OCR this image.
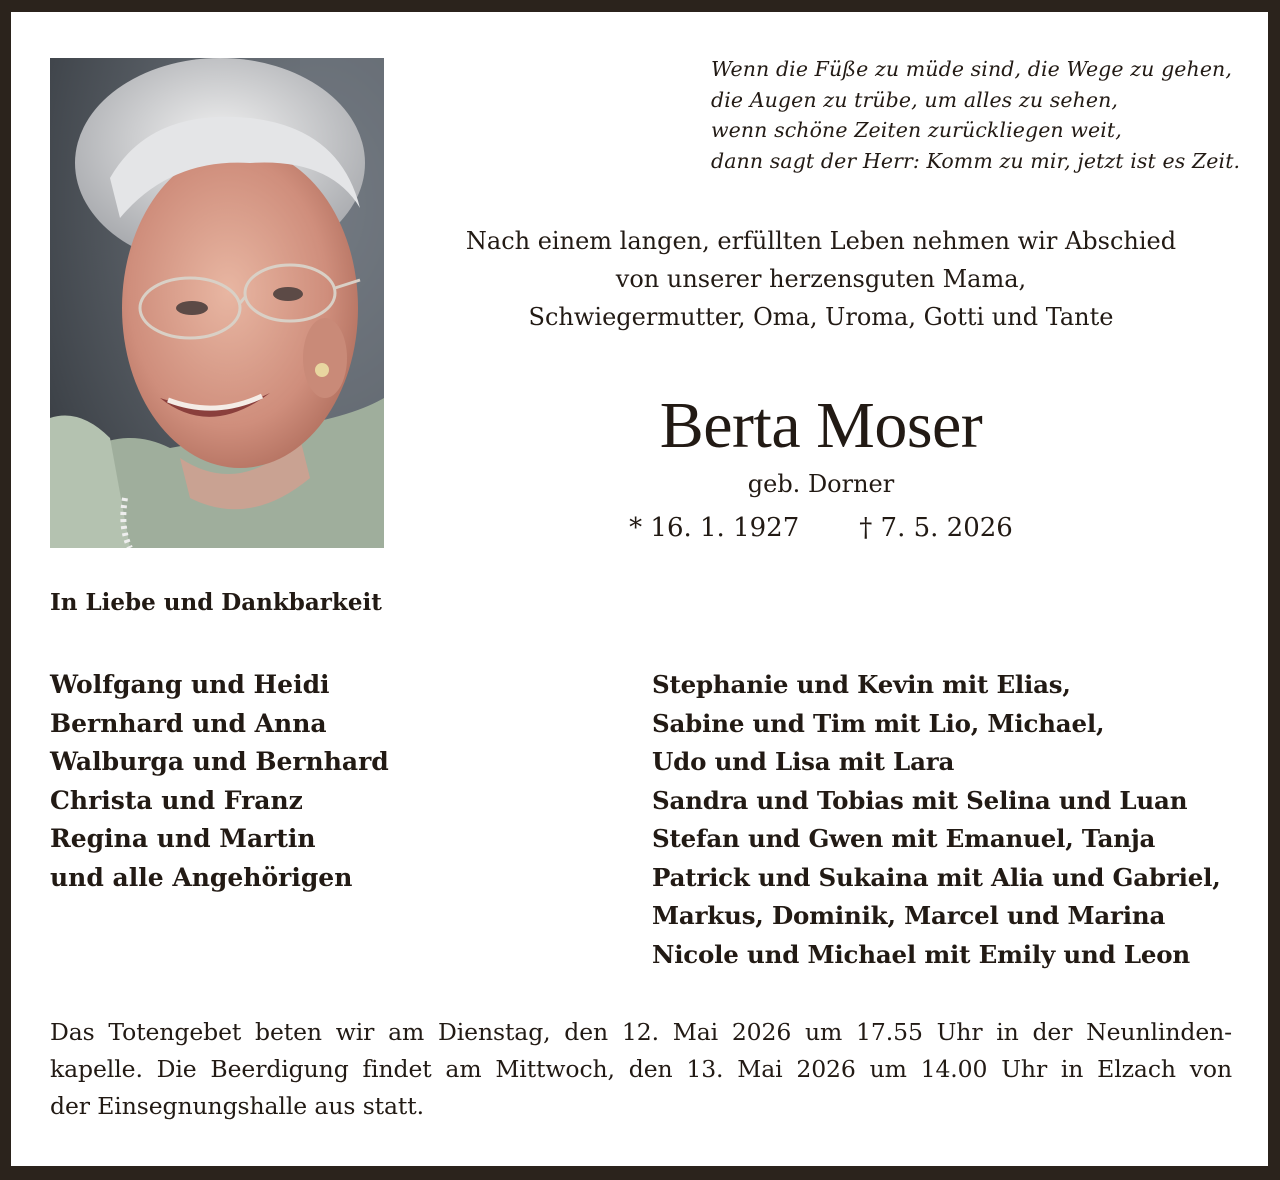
Wenn die Füße zu müde sind, die Wege zu gehen,
die Augen zu trübe, um alles zu sehen,
wenn schöne Zeiten zurückliegen weit,
dann sagt der Herr: Komm zu mir, jetzt ist es Zeit.
Nach einem langen, erfüllten Leben nehmen wir Abschied
von unserer herzensguten Mama,
Schwiegermutter, Oma, Uroma, Gotti und Tante
Berta Moser
geb. Dorner
* 16. 1. 1927 † 7. 5. 2026
In Liebe und Dankbarkeit
Wolfgang und Heidi
Bernhard und Anna
Walburga und Bernhard
Christa und Franz
Regina und Martin
und alle Angehörigen
Stephanie und Kevin mit Elias,
Sabine und Tim mit Lio, Michael,
Udo und Lisa mit Lara
Sandra und Tobias mit Selina und Luan
Stefan und Gwen mit Emanuel, Tanja
Patrick und Sukaina mit Alia und Gabriel,
Markus, Dominik, Marcel und Marina
Nicole und Michael mit Emily und Leon
Das Totengebet beten wir am Dienstag, den 12. Mai 2026 um 17.55 Uhr in der Neunlinden-
kapelle. Die Beerdigung findet am Mittwoch, den 13. Mai 2026 um 14.00 Uhr in Elzach von
der Einsegnungshalle aus statt.
